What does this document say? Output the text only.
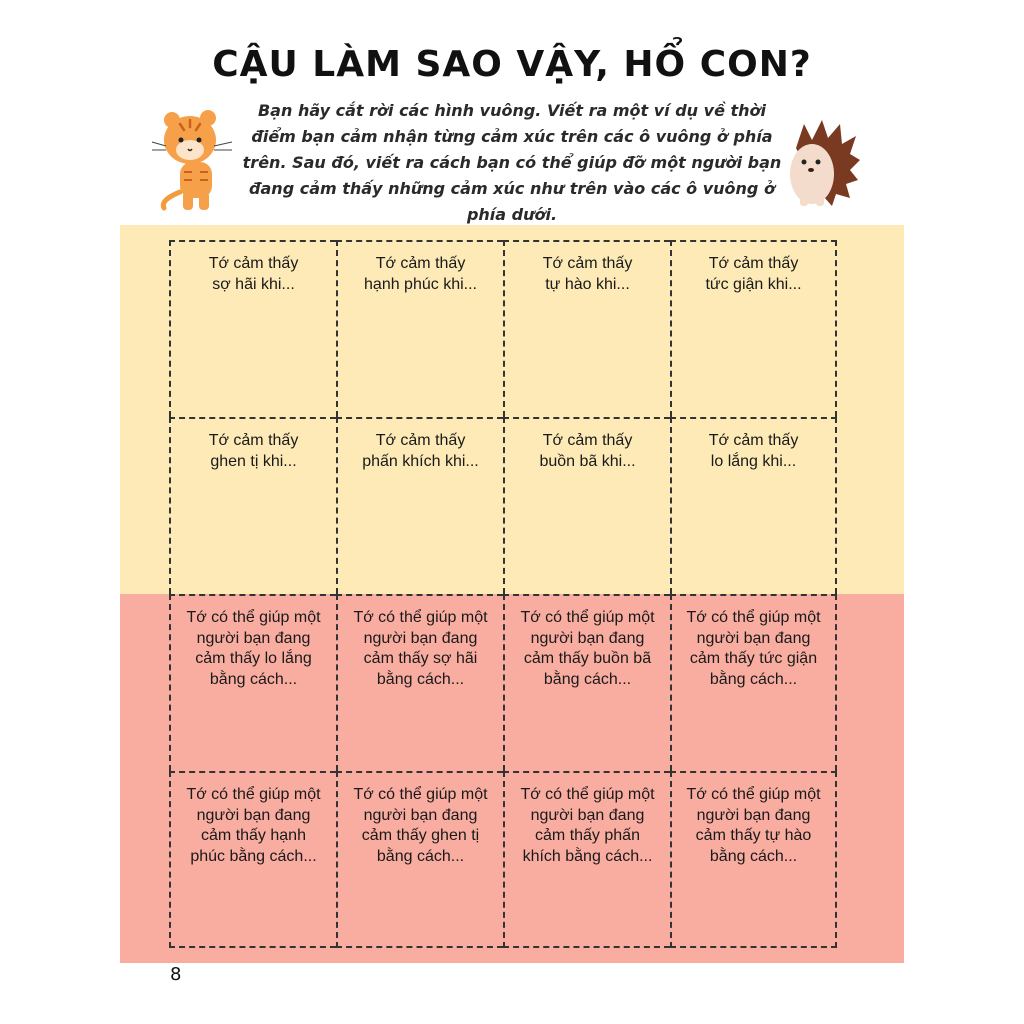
CẬU LÀM SAO VẬY, HỔ CON?

Bạn hãy cắt rời các hình vuông. Viết ra một ví dụ về thời điểm bạn cảm nhận từng cảm xúc trên các ô vuông ở phía trên. Sau đó, viết ra cách bạn có thể giúp đỡ một người bạn đang cảm thấy những cảm xúc như trên vào các ô vuông ở phía dưới.

Tớ cảm thấy
sợ hãi khi...
Tớ cảm thấy
hạnh phúc khi...
Tớ cảm thấy
tự hào khi...
Tớ cảm thấy
tức giận khi...
Tớ cảm thấy
ghen tị khi...
Tớ cảm thấy
phấn khích khi...
Tớ cảm thấy
buồn bã khi...
Tớ cảm thấy
lo lắng khi...
Tớ có thể giúp một
người bạn đang
cảm thấy lo lắng
bằng cách...
Tớ có thể giúp một
người bạn đang
cảm thấy sợ hãi
bằng cách...
Tớ có thể giúp một
người bạn đang
cảm thấy buồn bã
bằng cách...
Tớ có thể giúp một
người bạn đang
cảm thấy tức giận
bằng cách...
Tớ có thể giúp một
người bạn đang
cảm thấy hạnh
phúc bằng cách...
Tớ có thể giúp một
người bạn đang
cảm thấy ghen tị
bằng cách...
Tớ có thể giúp một
người bạn đang
cảm thấy phấn
khích bằng cách...
Tớ có thể giúp một
người bạn đang
cảm thấy tự hào
bằng cách...
8
